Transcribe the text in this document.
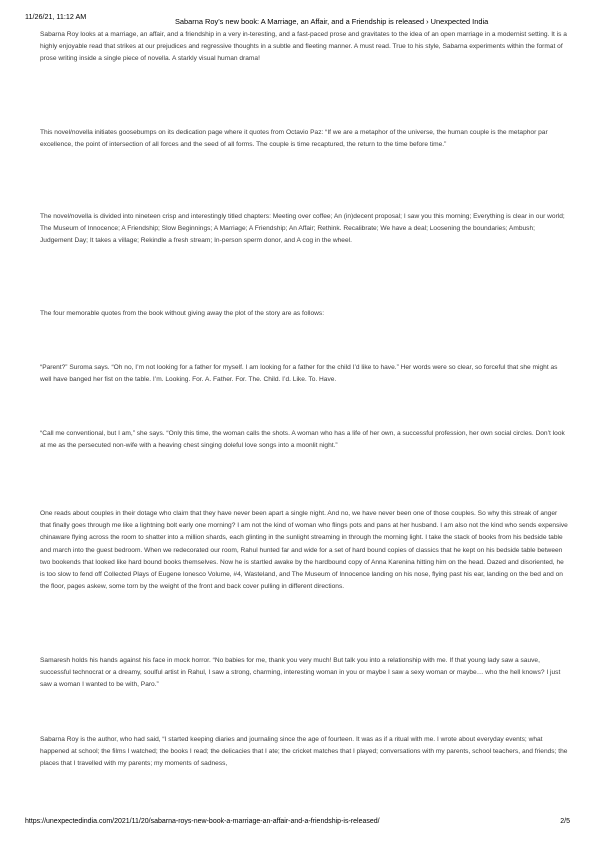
11/26/21, 11:12 AM
Sabarna Roy’s new book: A Marriage, an Affair, and a Friendship is released › Unexpected India

Sabarna Roy looks at a marriage, an affair, and a friendship in a very in-teresting, and a fast-paced prose and gravitates to the idea of an open marriage in a modernist setting. It is a highly enjoyable read that strikes at our prejudices and regressive thoughts in a subtle and fleeting manner. A must read. True to his style, Sabarna experiments within the format of prose writing inside a single piece of novella. A starkly visual human drama!

This novel/novella initiates goosebumps on its dedication page where it quotes from Octavio Paz: “If we are a metaphor of the universe, the human couple is the metaphor par excellence, the point of intersection of all forces and the seed of all forms. The couple is time recaptured, the return to the time before time.”

The novel/novella is divided into nineteen crisp and interestingly titled chapters: Meeting over coffee; An (in)decent proposal; I saw you this morning; Everything is clear in our world; The Museum of Innocence; A Friendship; Slow Beginnings; A Marriage; A Friendship; An Affair; Rethink. Recalibrate; We have a deal; Loosening the boundaries; Ambush; Judgement Day; It takes a village; Rekindle a fresh stream; In-person sperm donor, and A cog in the wheel.

The four memorable quotes from the book without giving away the plot of the story are as follows:

“Parent?” Suroma says. “Oh no, I’m not looking for a father for myself. I am looking for a father for the child I’d like to have.” Her words were so clear, so forceful that she might as well have banged her fist on the table. I’m. Looking. For. A. Father. For. The. Child. I’d. Like. To. Have.

“Call me conventional, but I am,” she says. “Only this time, the woman calls the shots. A woman who has a life of her own, a successful profession, her own social circles. Don’t look at me as the persecuted non-wife with a heaving chest singing doleful love songs into a moonlit night.”

One reads about couples in their dotage who claim that they have never been apart a single night. And no, we have never been one of those couples. So why this streak of anger that finally goes through me like a lightning bolt early one morning? I am not the kind of woman who flings pots and pans at her husband. I am also not the kind who sends expensive chinaware flying across the room to shatter into a million shards, each glinting in the sunlight streaming in through the morning light. I take the stack of books from his bedside table and march into the guest bedroom. When we redecorated our room, Rahul hunted far and wide for a set of hard bound copies of classics that he kept on his bedside table between two bookends that looked like hard bound books themselves. Now he is startled awake by the hardbound copy of Anna Karenina hitting him on the head. Dazed and disoriented, he is too slow to fend off Collected Plays of Eugene Ionesco Volume, #4, Wasteland, and The Museum of Innocence landing on his nose, flying past his ear, landing on the bed and on the floor, pages askew, some torn by the weight of the front and back cover pulling in different directions.

Samaresh holds his hands against his face in mock horror. “No babies for me, thank you very much! But talk you into a relationship with me. If that young lady saw a sauve, successful technocrat or a dreamy, soulful artist in Rahul, I saw a strong, charming, interesting woman in you or maybe I saw a sexy woman or maybe… who the hell knows? I just saw a woman I wanted to be with, Paro.”

Sabarna Roy is the author, who had said, “I started keeping diaries and journaling since the age of fourteen. It was as if a ritual with me. I wrote about everyday events; what happened at school; the films I watched; the books I read; the delicacies that I ate; the cricket matches that I played; conversations with my parents, school teachers, and friends; the places that I travelled with my parents; my moments of sadness,

https://unexpectedindia.com/2021/11/20/sabarna-roys-new-book-a-marriage-an-affair-and-a-friendship-is-released/	2/5
